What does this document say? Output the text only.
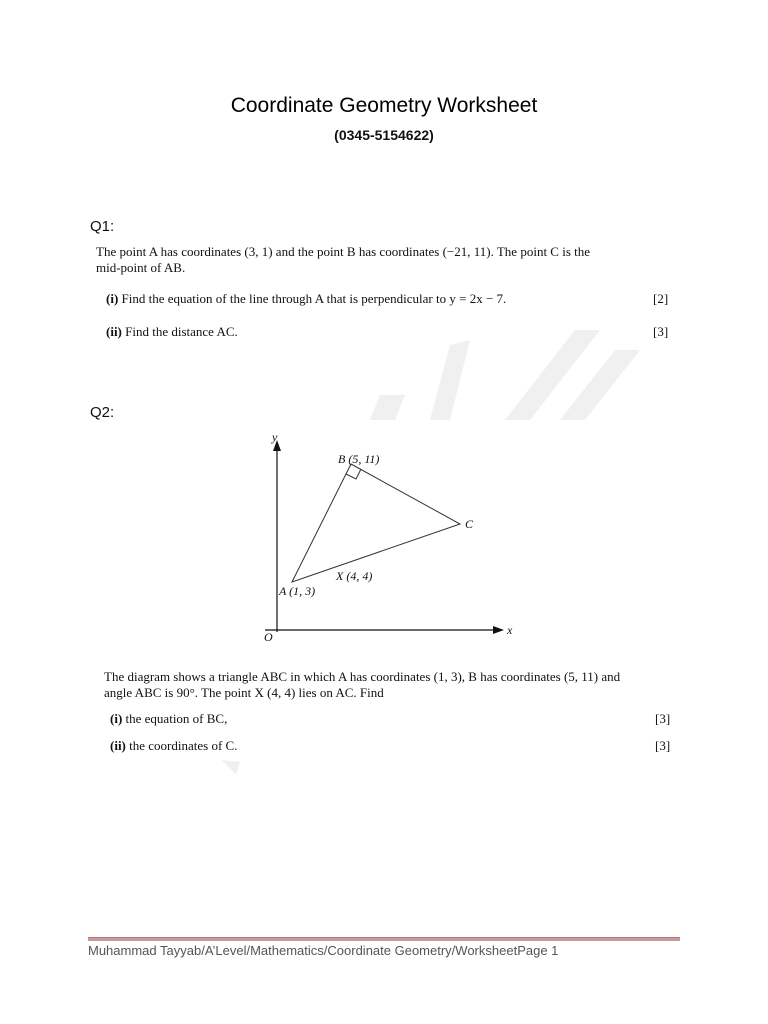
Coordinate Geometry Worksheet
(0345-5154622)
Q1:
The point A has coordinates (3, 1) and the point B has coordinates (−21, 11). The point C is the
mid-point of AB.
(i) Find the equation of the line through A that is perpendicular to y = 2x − 7.	[2]
(ii) Find the distance AC.	[3]
Q2:
y
x
O
B (5, 11)
C
X (4, 4)
A (1, 3)
The diagram shows a triangle ABC in which A has coordinates (1, 3), B has coordinates (5, 11) and
angle ABC is 90°. The point X (4, 4) lies on AC. Find
(i) the equation of BC,	[3]
(ii) the coordinates of C.	[3]
Muhammad Tayyab/A’Level/Mathematics/Coordinate Geometry/WorksheetPage 1
